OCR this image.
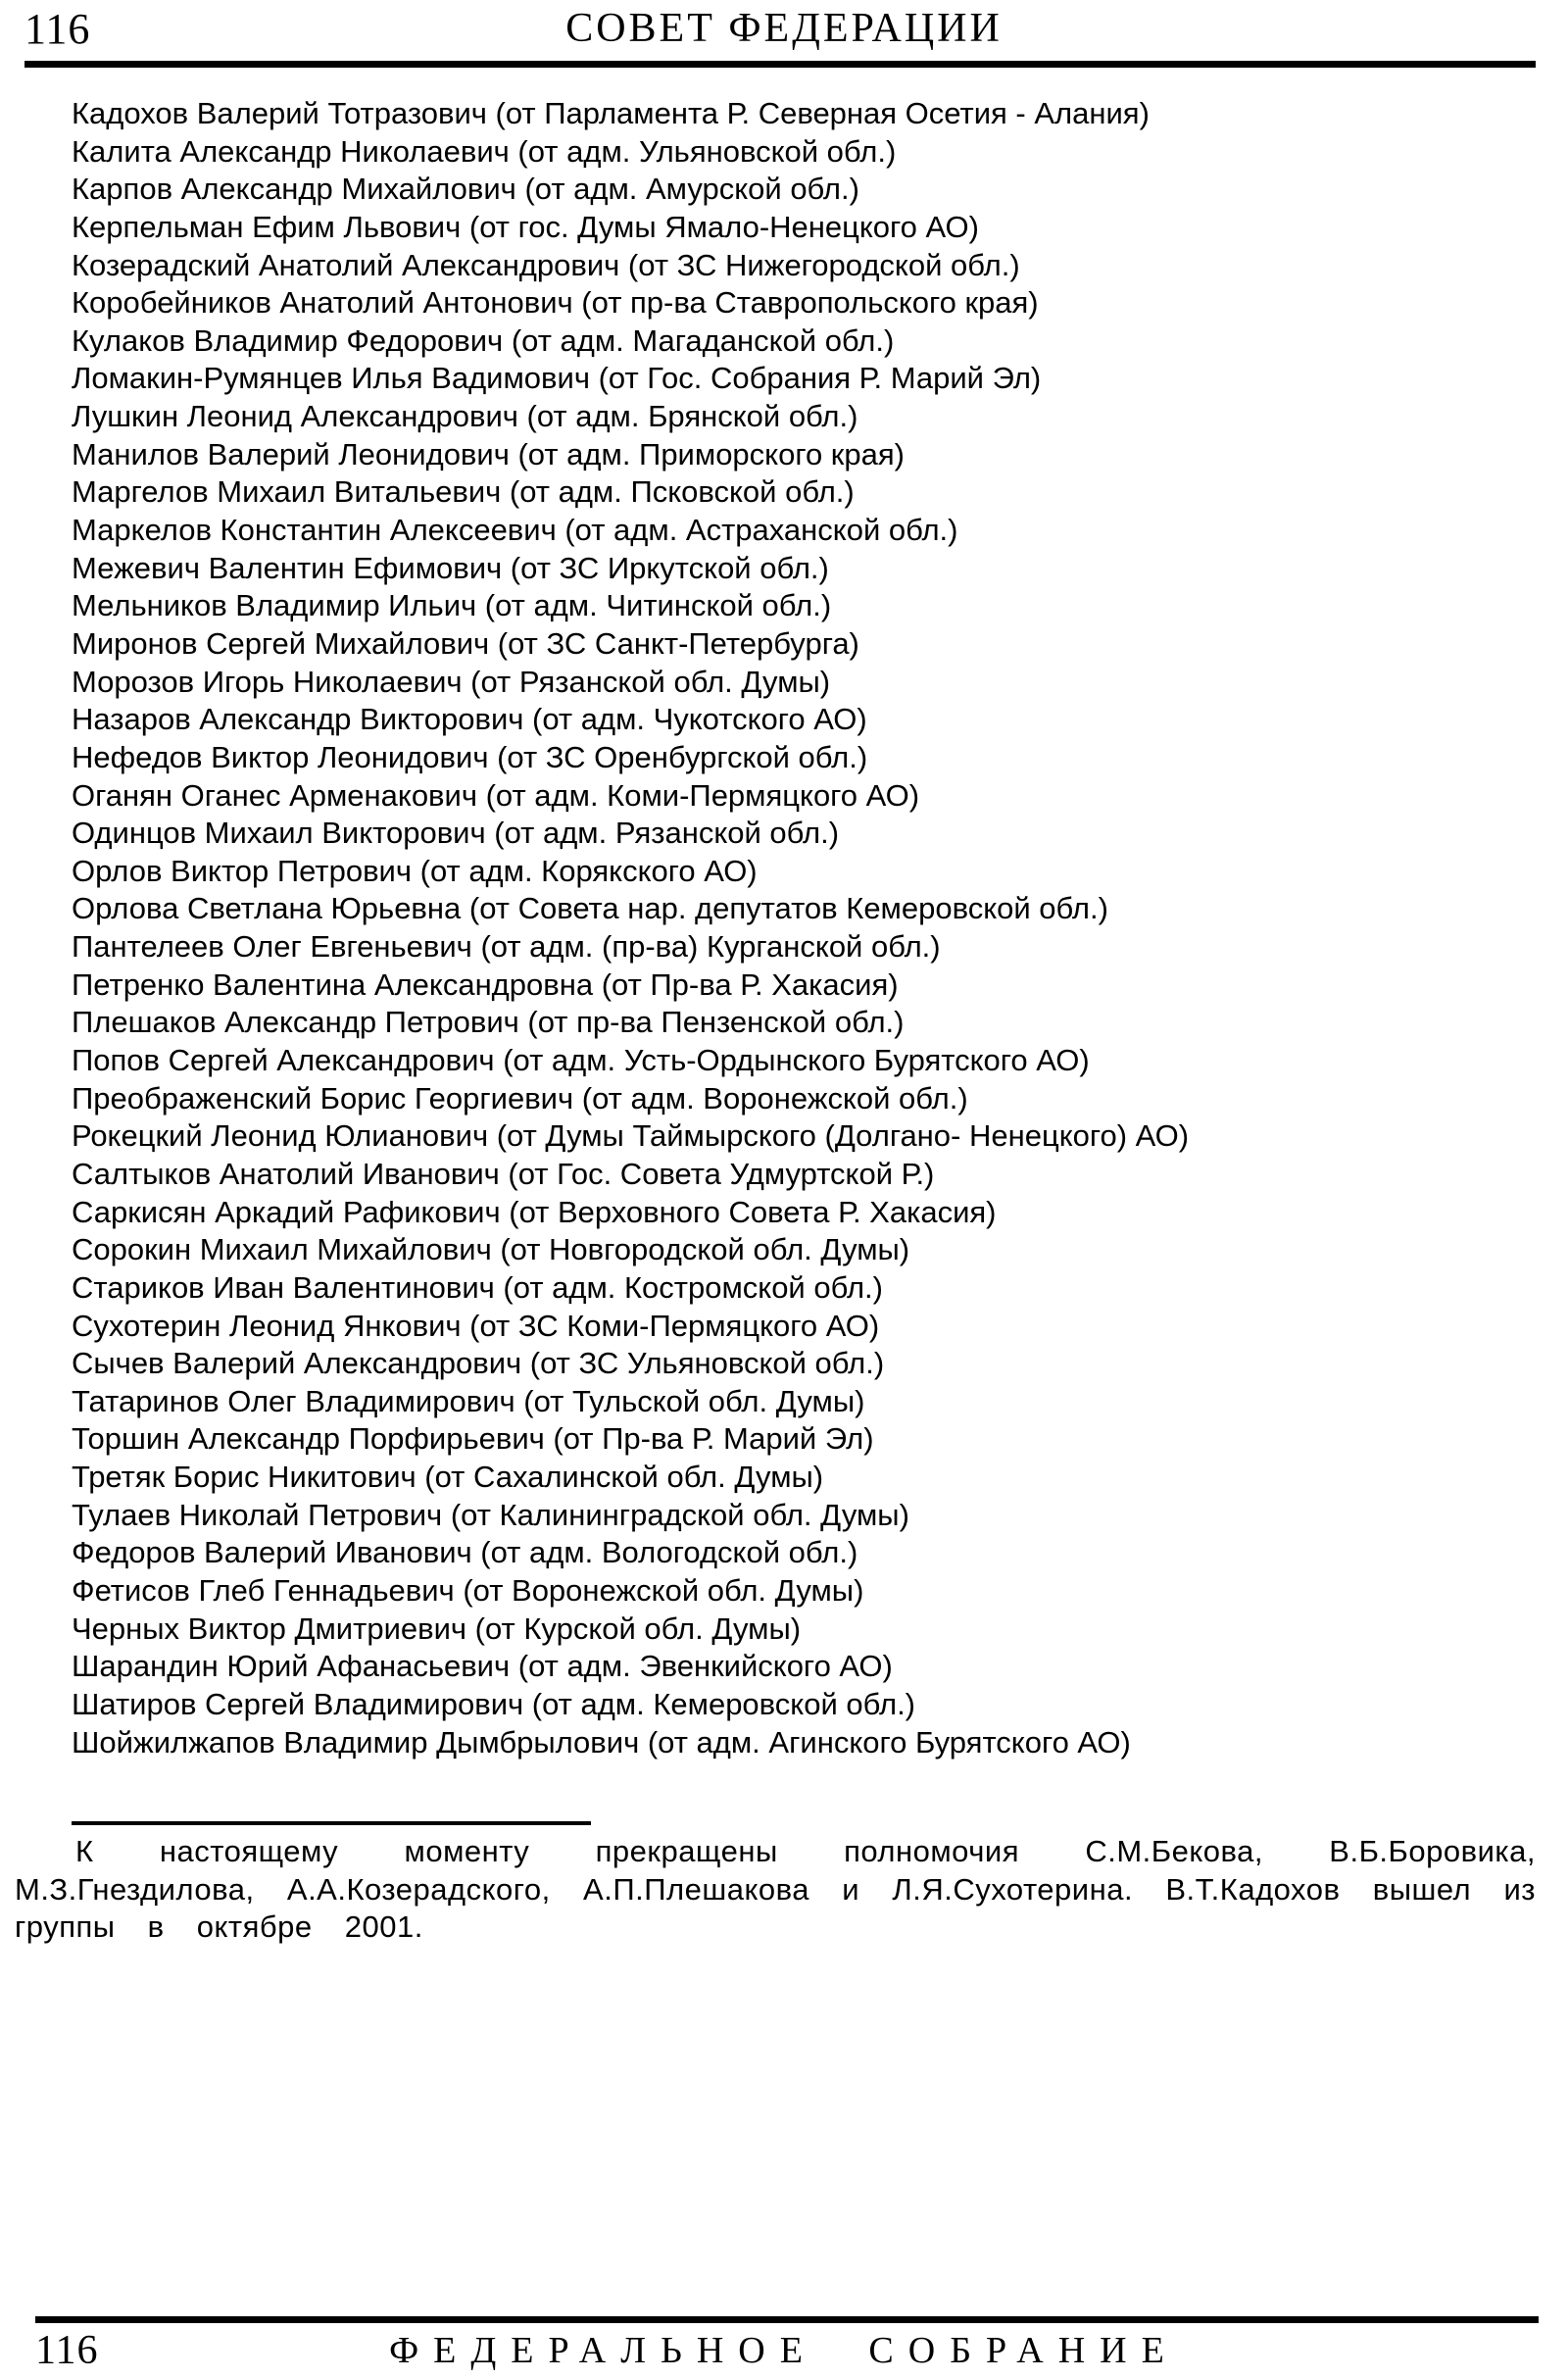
116	СОВЕТ ФЕДЕРАЦИИ
Кадохов Валерий Тотразович (от Парламента Р. Северная Осетия - Алания)
Калита Александр Николаевич (от адм. Ульяновской обл.)
Карпов Александр Михайлович (от адм. Амурской обл.)
Керпельман Ефим Львович (от гос. Думы Ямало-Ненецкого АО)
Козерадский Анатолий Александрович (от ЗС Нижегородской обл.)
Коробейников Анатолий Антонович (от пр-ва Ставропольского края)
Кулаков Владимир Федорович (от адм. Магаданской обл.)
Ломакин-Румянцев Илья Вадимович (от Гос. Собрания Р. Марий Эл)
Лушкин Леонид Александрович (от адм. Брянской обл.)
Манилов Валерий Леонидович (от адм. Приморского края)
Маргелов Михаил Витальевич (от адм. Псковской обл.)
Маркелов Константин Алексеевич (от адм. Астраханской обл.)
Межевич Валентин Ефимович (от ЗС Иркутской обл.)
Мельников Владимир Ильич (от адм. Читинской обл.)
Миронов Сергей Михайлович (от ЗС Санкт-Петербурга)
Морозов Игорь Николаевич (от Рязанской обл. Думы)
Назаров Александр Викторович (от адм. Чукотского АО)
Нефедов Виктор Леонидович (от ЗС Оренбургской обл.)
Оганян Оганес Арменакович (от адм. Коми-Пермяцкого АО)
Одинцов Михаил Викторович (от адм. Рязанской обл.)
Орлов Виктор Петрович (от адм. Корякского АО)
Орлова Светлана Юрьевна (от Совета нар. депутатов Кемеровской обл.)
Пантелеев Олег Евгеньевич (от адм. (пр-ва) Курганской обл.)
Петренко Валентина Александровна (от Пр-ва Р. Хакасия)
Плешаков Александр Петрович (от пр-ва Пензенской обл.)
Попов Сергей Александрович (от адм. Усть-Ордынского Бурятского АО)
Преображенский Борис Георгиевич (от адм. Воронежской обл.)
Рокецкий Леонид Юлианович (от Думы Таймырского (Долгано- Ненецкого) АО)
Салтыков Анатолий Иванович (от Гос. Совета Удмуртской Р.)
Саркисян Аркадий Рафикович (от Верховного Совета Р. Хакасия)
Сорокин Михаил Михайлович (от Новгородской обл. Думы)
Стариков Иван Валентинович (от адм. Костромской обл.)
Сухотерин Леонид Янкович (от ЗС Коми-Пермяцкого АО)
Сычев Валерий Александрович (от ЗС Ульяновской обл.)
Татаринов Олег Владимирович (от Тульской обл. Думы)
Торшин Александр Порфирьевич (от Пр-ва Р. Марий Эл)
Третяк Борис Никитович (от Сахалинской обл. Думы)
Тулаев Николай Петрович (от Калининградской обл. Думы)
Федоров Валерий Иванович (от адм. Вологодской обл.)
Фетисов Глеб Геннадьевич (от Воронежской обл. Думы)
Черных Виктор Дмитриевич (от Курской обл. Думы)
Шарандин Юрий Афанасьевич (от адм. Эвенкийского АО)
Шатиров Сергей Владимирович (от адм. Кемеровской обл.)
Шойжилжапов Владимир Дымбрылович (от адм. Агинского Бурятского АО)

К настоящему моменту прекращены полномочия С.М.Бекова, В.Б.Боровика, М.З.Гнездилова, А.А.Козерадского, А.П.Плешакова и Л.Я.Сухотерина. В.Т.Кадохов вышел из группы в октябре 2001.

116	ФЕДЕРАЛЬНОЕ СОБРАНИЕ
